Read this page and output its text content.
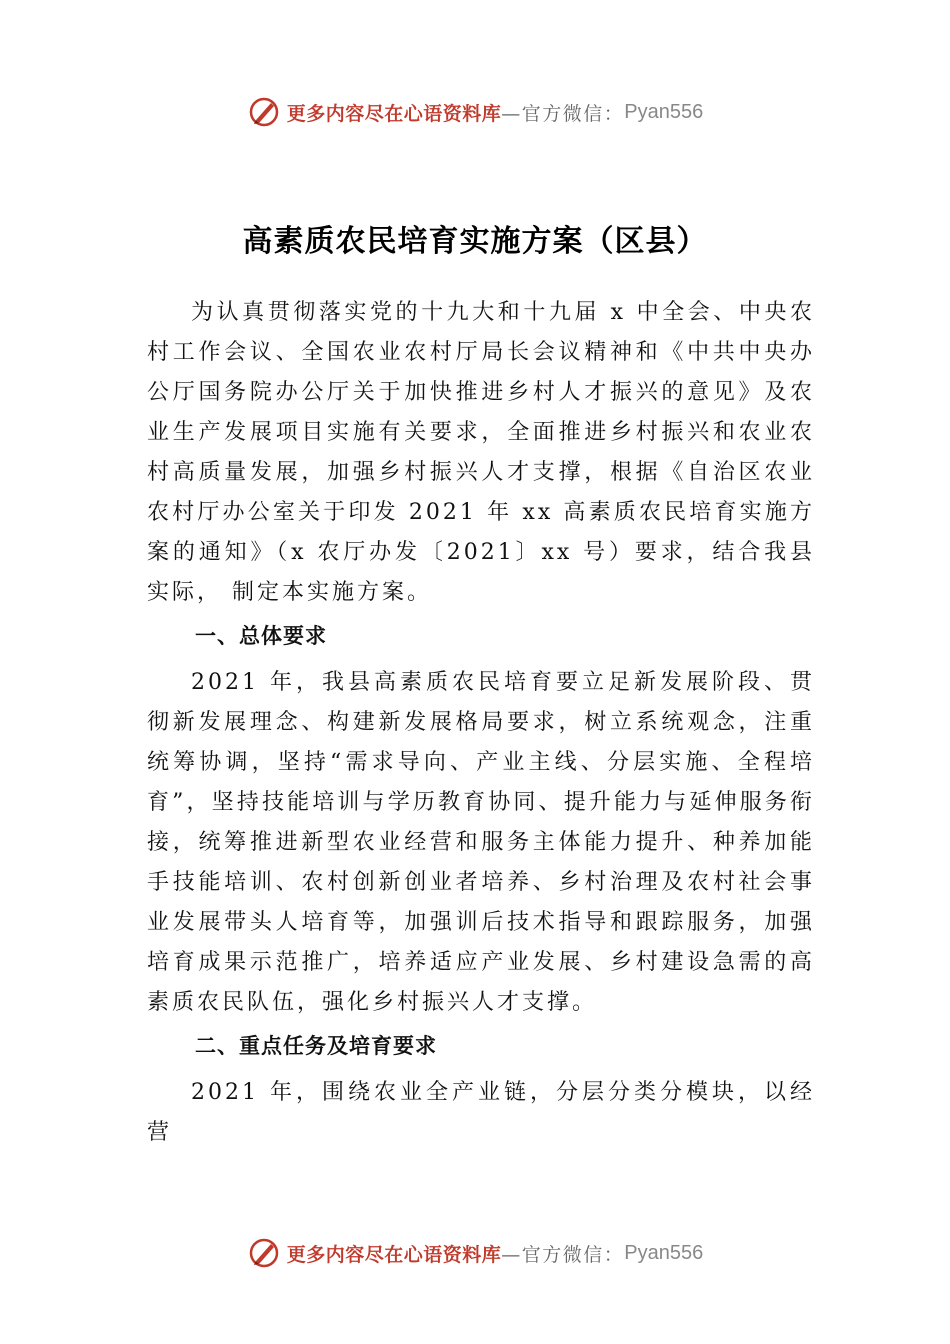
更多内容尽在心语资料库 —官方微信： Pyan556
高素质农民培育实施方案（区县）

为认真贯彻落实党的十九大和十九届 x 中全会、中央农村工作会议、全国农业农村厅局长会议精神和《中共中央办公厅国务院办公厅关于加快推进乡村人才振兴的意见》及农业生产发展项目实施有关要求，全面推进乡村振兴和农业农村高质量发展，加强乡村振兴人才支撑，根据《自治区农业农村厅办公室关于印发 2021 年 xx 高素质农民培育实施方案的通知》（x 农厅办发〔2021〕xx 号）要求，结合我县实际， 制定本实施方案。

一、总体要求

2021 年，我县高素质农民培育要立足新发展阶段、贯彻新发展理念、构建新发展格局要求，树立系统观念，注重统筹协调，坚持“需求导向、产业主线、分层实施、全程培育”，坚持技能培训与学历教育协同、提升能力与延伸服务衔接，统筹推进新型农业经营和服务主体能力提升、种养加能手技能培训、农村创新创业者培养、乡村治理及农村社会事业发展带头人培育等，加强训后技术指导和跟踪服务，加强培育成果示范推广，培养适应产业发展、乡村建设急需的高素质农民队伍，强化乡村振兴人才支撑。

二、重点任务及培育要求

2021 年，围绕农业全产业链，分层分类分模块，以经营

更多内容尽在心语资料库 —官方微信： Pyan556
